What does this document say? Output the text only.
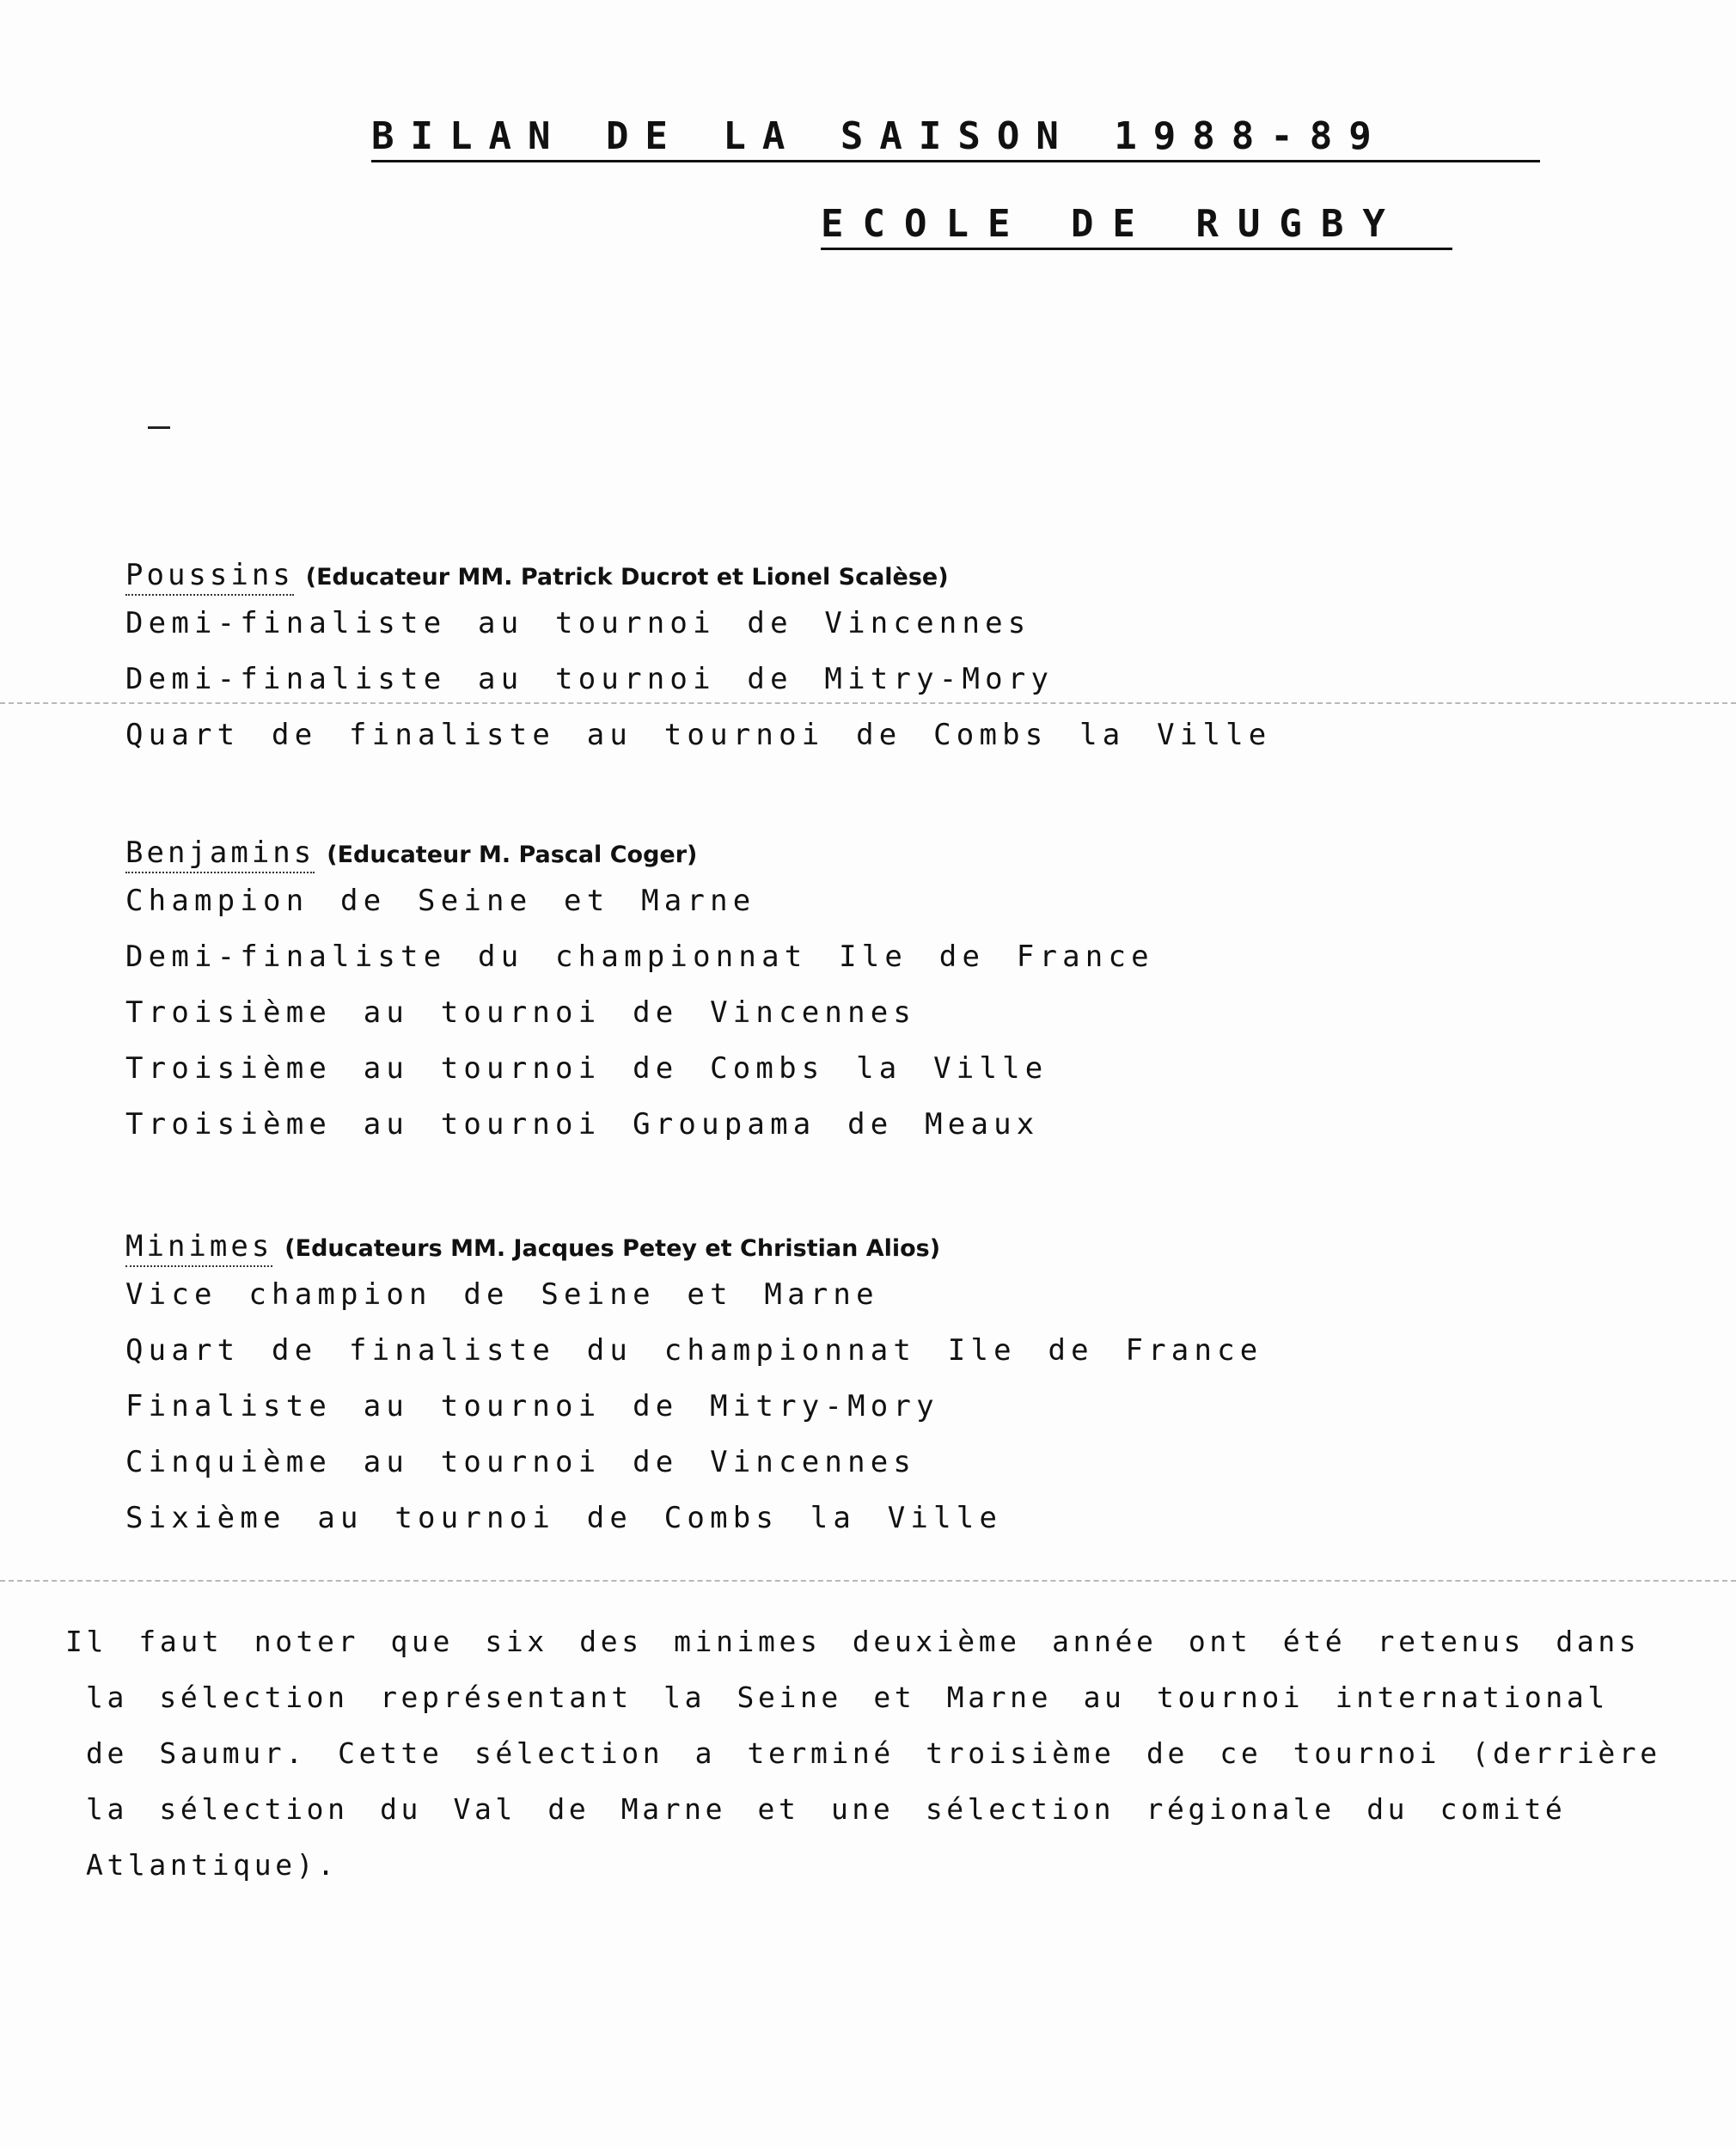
BILAN DE LA SAISON 1988-89
ECOLE DE RUGBY
Poussins (Educateur MM. Patrick Ducrot et Lionel Scalèse)
Demi-finaliste au tournoi de Vincennes
Demi-finaliste au tournoi de Mitry-Mory
Quart de finaliste au tournoi de Combs la Ville
Benjamins (Educateur M. Pascal Coger)
Champion de Seine et Marne
Demi-finaliste du championnat Ile de France
Troisième au tournoi de Vincennes
Troisième au tournoi de Combs la Ville
Troisième au tournoi Groupama de Meaux
Minimes (Educateurs MM. Jacques Petey et Christian Alios)
Vice champion de Seine et Marne
Quart de finaliste du championnat Ile de France
Finaliste au tournoi de Mitry-Mory
Cinquième au tournoi de Vincennes
Sixième au tournoi de Combs la Ville
Il faut noter que six des minimes deuxième année ont été retenus dans
la sélection représentant la Seine et Marne au tournoi international
de Saumur. Cette sélection a terminé troisième de ce tournoi (derrière
la sélection du Val de Marne et une sélection régionale du comité
Atlantique).
